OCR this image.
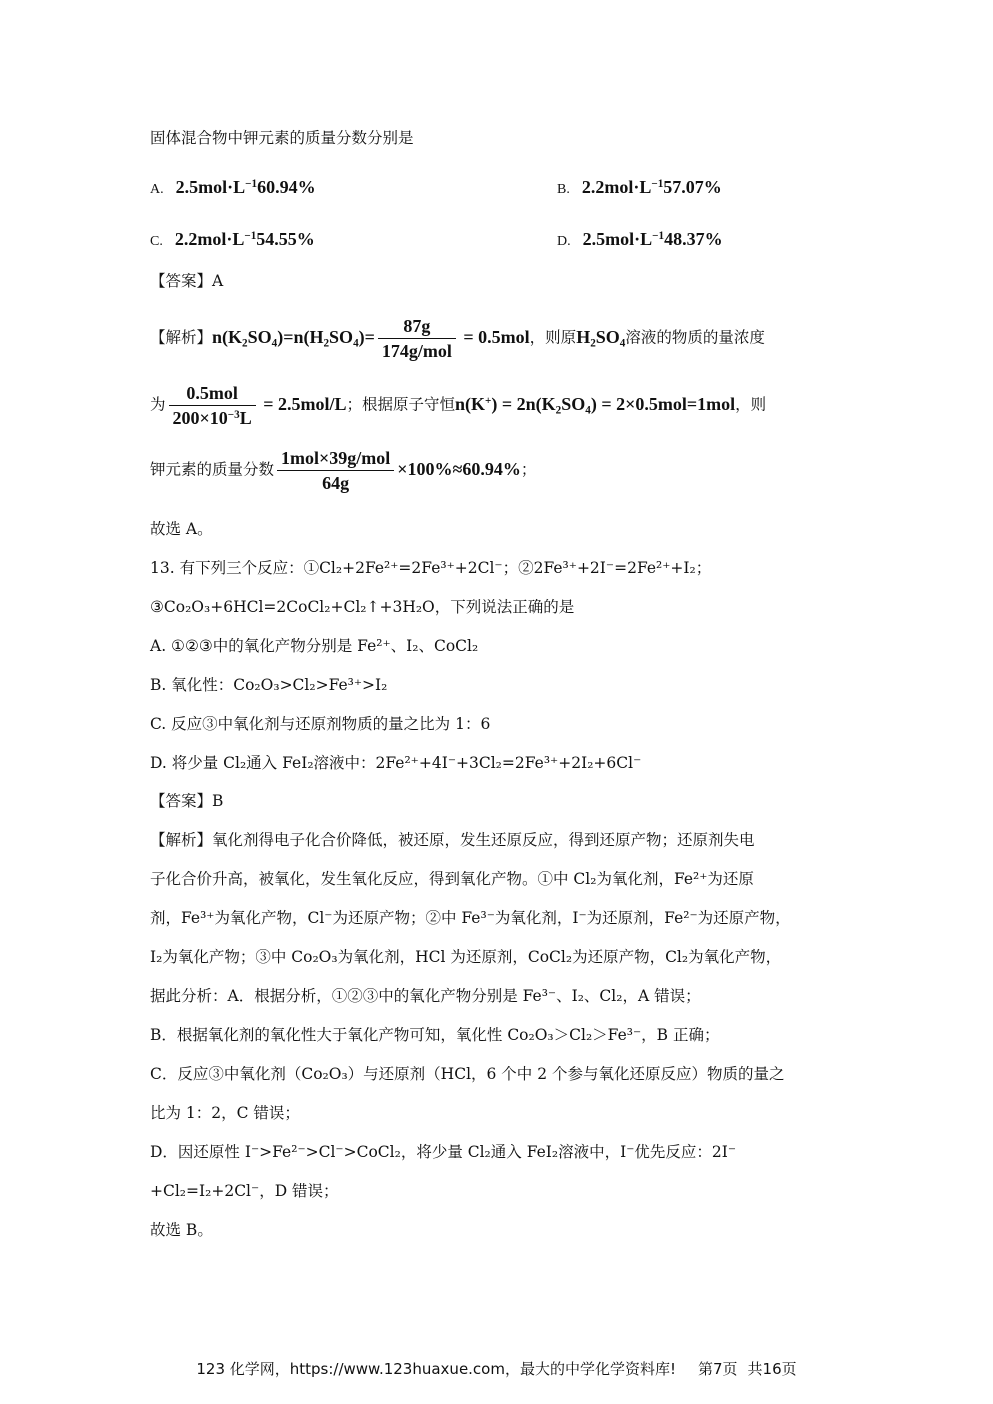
固体混合物中钾元素的质量分数分别是
A. $2.5mol\cdot L^{-1}60.94\%$	B. $2.2mol\cdot L^{-1}57.07\%$
C. $2.2mol\cdot L^{-1}54.55\%$	D. $2.5mol\cdot L^{-1}48.37\%$
【答案】A
【解析】$n(K_2SO_4)=n(H_2SO_4)= \frac{87g}{\text{174g/mol}} = 0.5mol$，则原$H_2SO_4$溶液的物质的量浓度
为 $\frac{\text{0.5mol}}{200\times 10^{-3}L} = 2.5mol/L$；根据原子守恒$n(K^+) = 2n(K_2SO_4) = 2\times 0.5mol=1mol$，则
钾元素的质量分数 $\frac{\text{1mol×39g/mol}}{64g} \times 100\%\approx 60.94\%$；
故选 A。
13. 有下列三个反应：①Cl₂+2Fe²⁺=2Fe³⁺+2Cl⁻；②2Fe³⁺+2I⁻=2Fe²⁺+I₂；
③Co₂O₃+6HCl=2CoCl₂+Cl₂↑+3H₂O，下列说法正确的是
A. ①②③中的氧化产物分别是 Fe²⁺、I₂、CoCl₂
B. 氧化性：Co₂O₃>Cl₂>Fe³⁺>I₂
C. 反应③中氧化剂与还原剂物质的量之比为 1：6
D. 将少量 Cl₂通入 FeI₂溶液中：2Fe²⁺+4I⁻+3Cl₂=2Fe³⁺+2I₂+6Cl⁻
【答案】B
【解析】氧化剂得电子化合价降低，被还原，发生还原反应，得到还原产物；还原剂失电
子化合价升高，被氧化，发生氧化反应，得到氧化产物。①中 Cl₂为氧化剂，Fe²⁺为还原
剂，Fe³⁺为氧化产物，Cl⁻为还原产物；②中 Fe³⁻为氧化剂，I⁻为还原剂，Fe²⁻为还原产物，
I₂为氧化产物；③中 Co₂O₃为氧化剂，HCl 为还原剂，CoCl₂为还原产物，Cl₂为氧化产物，
据此分析：A．根据分析，①②③中的氧化产物分别是 Fe³⁻、I₂、Cl₂，A 错误；
B．根据氧化剂的氧化性大于氧化产物可知，氧化性 Co₂O₃＞Cl₂＞Fe³⁻，B 正确；
C．反应③中氧化剂（Co₂O₃）与还原剂（HCl，6 个中 2 个参与氧化还原反应）物质的量之
比为 1：2，C 错误；
D．因还原性 I⁻>Fe²⁻>Cl⁻>CoCl₂，将少量 Cl₂通入 FeI₂溶液中，I⁻优先反应：2I⁻
+Cl₂=I₂+2Cl⁻，D 错误；
故选 B。
123 化学网，https://www.123huaxue.com，最大的中学化学资料库! 第7页 共16页
